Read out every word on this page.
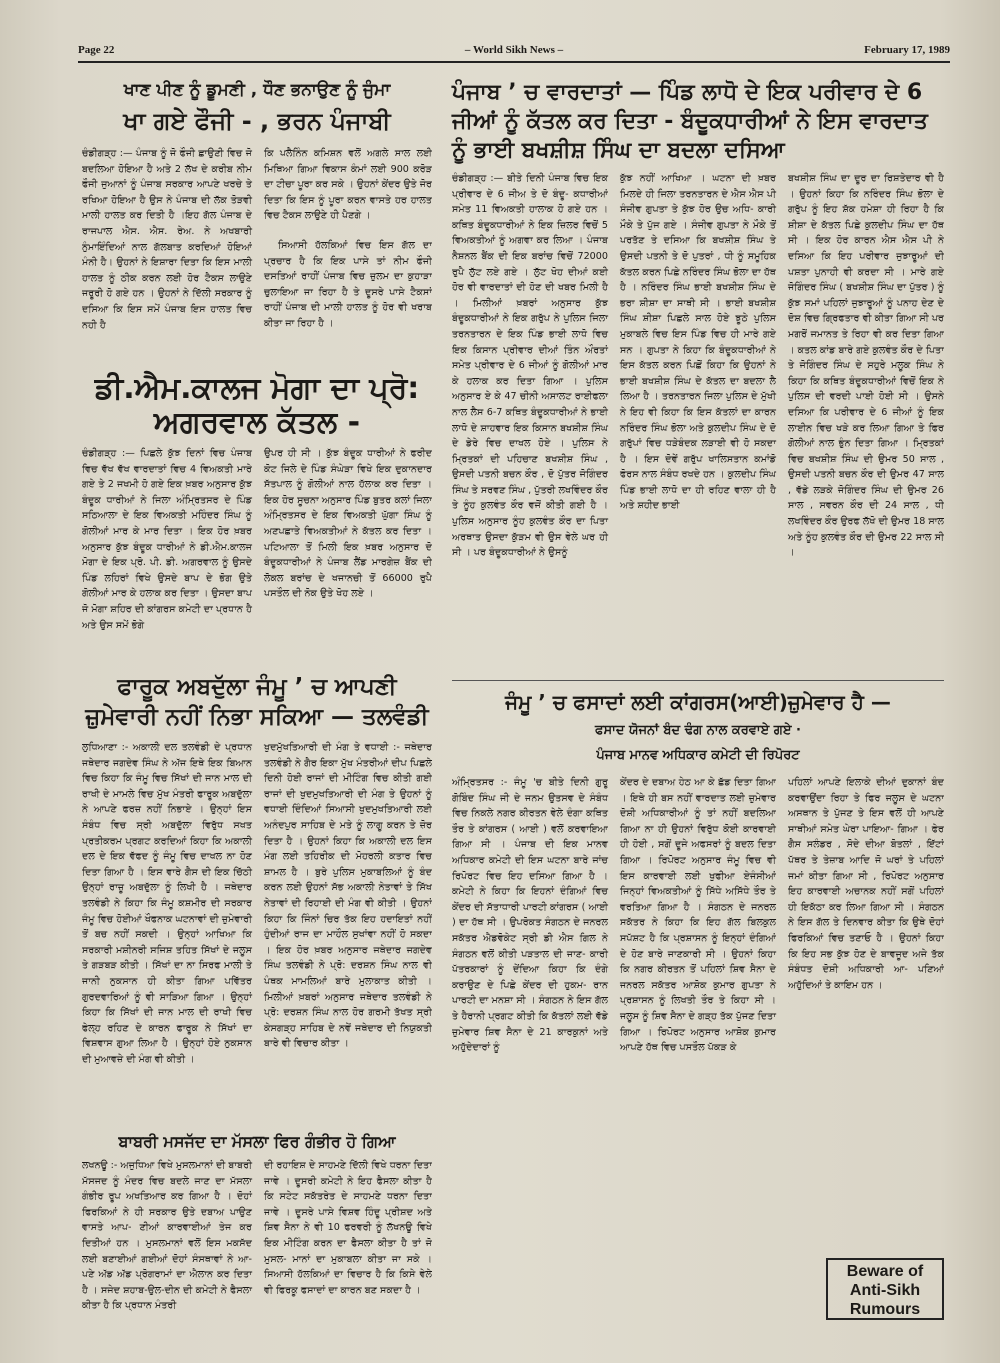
Page 22	– World Sikh News –	February 17, 1989
ਖਾਣ ਪੀਣ ਨੂੰ ਡੂਮਣੀ , ਧੌਣ ਭਨਾਉਣ ਨੂੰ ਜੁੰਮਾ
ਖਾ ਗਏ ਫੌਜੀ - , ਭਰਨ ਪੰਜਾਬੀ
ਚੰਡੀਗੜ੍ਹ :— ਪੰਜਾਬ ਨੂੰ ਜੋ ਫੌਜੀ ਛਾਉਣੀ ਵਿਚ ਜੋ ਬਦਲਿਆ ਹੋਇਆ ਹੈ ਅਤੇ 2 ਲੱਖ ਦੇ ਕਰੀਬ ਨੀਮ ਫੌਜੀ ਜੁਆਨਾਂ ਨੂੰ ਪੰਜਾਬ ਸਰਕਾਰ ਆਪਣੇ ਖਰਚੇ ਤੇ ਰਖਿਆ ਹੋਇਆ ਹੈ ਉਸ ਨੇ ਪੰਜਾਬ ਦੀ ਲੱਕ ਤੋੜਵੀ ਮਾਲੀ ਹਾਲਤ ਕਰ ਦਿਤੀ ਹੈ ।ਇਹ ਗੱਲ ਪੰਜਾਬ ਦੇ ਰਾਜਪਾਲ ਐਸ. ਐਸ. ਰੇਅ. ਨੇ ਅਖਬਾਰੀ ਨੁੰਮਾਇੰਦਿਆਂ ਨਾਲ ਗੱਲਬਾਤ ਕਰਦਿਆਂ ਹੋਇਆਂ ਮੰਨੀ ਹੈ। ਉਹਨਾਂ ਨੇ ਇਸ਼ਾਰਾ ਦਿਤਾ ਕਿ ਇਸ ਮਾਲੀ ਹਾਲਤ ਨੂੰ ਠੀਕ ਕਰਨ ਲਈ ਹੋਰ ਟੈਕਸ ਲਾਉਣੇ ਜਰੂਰੀ ਹੋ ਗਏ ਹਨ । ਉਹਨਾਂ ਨੇ ਦਿੱਲੀ ਸਰਕਾਰ ਨੂੰ ਦਸਿਆ ਕਿ ਇਸ ਸਮੇਂ ਪੰਜਾਬ ਇਸ ਹਾਲਤ ਵਿਚ ਨਹੀ ਹੈ
ਕਿ ਪਲੈਨਿੰਨ ਕਮਿਸ਼ਨ ਵਲੋਂ ਅਗਲੇ ਸਾਲ ਲਈ ਮਿਥਿਆ ਗਿਆ ਵਿਕਾਸ ਕੰਮਾਂ ਲਈ 900 ਕਰੋੜ ਦਾ ਟੀਚਾ ਪੂਰਾ ਕਰ ਸਕੇ । ਉਹਨਾਂ ਕੇਂਦਰ ਉਤੇ ਜੋਰ ਦਿਤਾ ਕਿ ਇਸ ਨੂੰ ਪੂਰਾ ਕਰਨ ਵਾਸਤੇ ਹਰ ਹਾਲਤ ਵਿਚ ਟੈਕਸ ਲਾਉਣੇ ਹੀ ਪੈਣਗੇ ।
ਸਿਆਸੀ ਹੱਲਕਿਆਂ ਵਿਚ ਇਸ ਗੱਲ ਦਾ ਪ੍ਰਚਾਰ ਹੈ ਕਿ ਇਕ ਪਾਸੇ ਤਾਂ ਨੀਮ ਫੌਜੀ ਦਸਤਿਆਂ ਰਾਹੀਂ ਪੰਜਾਬ ਵਿਚ ਜ਼ੁਲਮ ਦਾ ਕੁਹਾੜਾ ਚੁਲਾਇਆ ਜਾ ਰਿਹਾ ਹੈ ਤੇ ਦੂਸਰੇ ਪਾਸੇ ਟੈਕਸਾਂ ਰਾਹੀਂ ਪੰਜਾਬ ਦੀ ਮਾਲੀ ਹਾਲਤ ਨੂੰ ਹੋਰ ਵੀ ਖਰਾਬ ਕੀਤਾ ਜਾ ਰਿਹਾ ਹੈ ।
ਪੰਜਾਬ ’ ਚ ਵਾਰਦਾਤਾਂ — ਪਿੰਡ ਲਾਧੋ ਦੇ ਇਕ ਪਰੀਵਾਰ ਦੇ 6 ਜੀਆਂ ਨੂੰ ਕੱਤਲ ਕਰ ਦਿਤਾ - ਬੰਦੂਕਧਾਰੀਆਂ ਨੇ ਇਸ ਵਾਰਦਾਤ ਨੂੰ ਭਾਈ ਬਖਸ਼ੀਸ਼ ਸਿੰਘ ਦਾ ਬਦਲਾ ਦਸਿਆ
ਚੰਡੀਗੜ੍ਹ :— ਬੀਤੇ ਦਿਨੀ ਪੰਜਾਬ ਵਿਚ ਇਕ ਪ੍ਰੀਵਾਰ ਦੇ 6 ਜੀਅ ਤੇ ਦੋ ਬੰਦੂ- ਕਧਾਰੀਆਂ ਸਮੇਤ 11 ਵਿਅਕਤੀ ਹਾਲਾਕ ਹੋ ਗਏ ਹਨ । ਕਥਿਤ ਬੰਦੂਕਧਾਰੀਆਂ ਨੇ ਇਕ ਜ਼ਿਲਰ ਵਿਚੋਂ 5 ਵਿਅਕਤੀਆਂ ਨੂੰ ਅਗਵਾ ਕਰ ਲਿਆ । ਪੰਜਾਬ ਨੈਸ਼ਨਲ ਬੈਂਕ ਦੀ ਇਕ ਬਰਾਂਚ ਵਿਚੋਂ 72000 ਰੁਪੈ ਲੁੱਟ ਲਏ ਗਏ । ਲੁੱਟ ਖੋਹ ਦੀਆਂ ਕਈ ਹੋਰ ਵੀ ਵਾਰਦਾਤਾਂ ਦੀ ਹੋਣ ਦੀ ਖਬਰ ਮਿਲੀ ਹੈ । ਮਿਲੀਆਂ ਖ਼ਬਰਾਂ ਅਨੁਸਾਰ ਕੁੱਝ ਬੰਦੂਕਧਾਰੀਆਂ ਨੇ ਇਕ ਗਰੁੱਪ ਨੇ ਪੁਲਿਸ ਜਿਲਾ ਤਰਨਤਾਰਨ ਦੇ ਇਕ ਪਿੰਡ ਭਾਈ ਲਾਧੋ ਵਿਚ ਇਕ ਕਿਸਾਨ ਪ੍ਰੀਵਾਰ ਦੀਆਂ ਤਿੰਨ ਔਰਤਾਂ ਸਮੇਤ ਪ੍ਰੀਵਾਰ ਦੇ 6 ਜੀਆਂ ਨੂੰ ਗੋਲੀਆਂ ਮਾਰ ਕੇ ਹਲਾਕ ਕਰ ਦਿਤਾ ਗਿਆ । ਪੁਲਿਸ ਅਨੁਸਾਰ ਏ ਕੇ 47 ਚੀਨੀ ਅਸਾਲਟ ਰਾਈਫਲਾ ਨਾਲ ਲੈਸ 6-7 ਕਥਿਤ ਬੰਦੂਕਧਾਰੀਆਂ ਨੇ ਭਾਈ ਲਾਧੋ ਦੇ ਸ਼ਾਹਵਾਰ ਇਕ ਕਿਸਾਨ ਬਖਸ਼ੀਸ਼ ਸਿੰਘ ਦੇ ਡੇਰੇ ਵਿਚ ਦਾਖਲ ਹੋਏ । ਪੁਲਿਸ ਨੇ ਮ੍ਰਿਤਕਾਂ ਦੀ ਪਹਿਚਾਣ ਬਖਸ਼ੀਸ਼ ਸਿੰਘ , ਉਸਦੀ ਪਤਨੀ ਬਚਨ ਕੌਰ , ਦੋ ਪੁੱਤਰ ਜੋਗਿੰਦਰ ਸਿੰਘ ਤੇ ਸਰਵਣ ਸਿੰਘ , ਪੁੱਤਰੀ ਲਖਵਿੰਦਰ ਕੌਰ ਤੇ ਨੂੰਹ ਕੁਲਵੰਤ ਕੌਰ ਵਜੋਂ ਕੀਤੀ ਗਈ ਹੈ । ਪੁਲਿਸ ਅਨੁਸਾਰ ਨੂੰਹ ਕੁਲਵੰਤ ਕੌਰ ਦਾ ਪਿਤਾ ਅਰਥਾਤ ਉਸਦਾ ਕੁੱੜਮ ਵੀ ਉਸ ਵੇਲੇ ਘਰ ਹੀ ਸੀ । ਪਰ ਬੰਦੂਕਧਾਰੀਆਂ ਨੇ ਉਸਨੂੰ
ਕੁੱਝ ਨਹੀਂ ਆਖਿਆ । ਘਟਨਾ ਦੀ ਖ਼ਬਰ ਮਿਲਦੇ ਹੀ ਜਿਲਾ ਤਰਨਤਾਰਨ ਦੇ ਐਸ ਐਸ ਪੀ ਸੰਜੀਵ ਗੁਪਤਾ ਤੇ ਕੁੱਝ ਹੋਰ ਉਚ ਅਧਿ- ਕਾਰੀ ਮੌਕੇ ਤੇ ਪੁੱਜ ਗਏ । ਸੰਜੀਵ ਗੁਪਤਾ ਨੇ ਮੌਕੇ ਤੋਂ ਪਰਤੱਣ ਤੇ ਦਸਿਆ ਕਿ ਬਖਸ਼ੀਸ਼ ਸਿੰਘ ਤੇ ਉਸਦੀ ਪਤਨੀ ਤੇ ਦੋ ਪੁਤਰਾਂ , ਧੀ ਨੂੰ ਸਮੂਹਿਕ ਕੱਤਲ ਕਰਨ ਪਿਛੇ ਨਰਿੰਦਰ ਸਿੰਘ ਭੋਲਾ ਦਾ ਹੱਥ ਹੈ । ਨਰਿੰਦਰ ਸਿੰਘ ਭਾਈ ਬਖਸ਼ੀਸ਼ ਸਿੰਘ ਦੇ ਭਰਾ ਸ਼ੀਸ਼ਾ ਦਾ ਸਾਥੀ ਸੀ । ਭਾਈ ਬਖਸ਼ੀਸ਼ ਸਿੰਘ ਸ਼ੀਸ਼ਾ ਪਿਛਲੇ ਸਾਲ ਹੋਏ ਝੂਠੇ ਪੁਲਿਸ ਮੁਕਾਬਲੇ ਵਿਚ ਇਸ ਪਿੰਡ ਵਿਚ ਹੀ ਮਾਰੇ ਗਏ ਸਨ । ਗੁਪਤਾ ਨੇ ਕਿਹਾ ਕਿ ਬੰਦੂਕਧਾਰੀਆਂ ਨੇ ਇਸ ਕੱਤਲ ਕਰਨ ਪਿਛੋਂ ਕਿਹਾ ਕਿ ਉਹਨਾਂ ਨੇ ਭਾਈ ਬਖਸ਼ੀਸ਼ ਸਿੰਘ ਦੇ ਕੱਤਲ ਦਾ ਬਦਲਾ ਲੈ ਲਿਆ ਹੈ । ਤਰਨਤਾਰਨ ਜਿਲਾ ਪੁਲਿਸ ਦੇ ਮੁੱਖੀ ਨੇ ਇਹ ਵੀ ਕਿਹਾ ਕਿ ਇਸ ਕੱਤਲਾਂ ਦਾ ਕਾਰਨ ਨਰਿੰਦਰ ਸਿੰਘ ਭੋਲਾ ਅਤੇ ਕੁਲਦੀਪ ਸਿੰਘ ਦੇ ਦੋ ਗਰੁੱਪਾਂ ਵਿਚ ਧੜੇਬੰਦਕ ਲੜਾਈ ਵੀ ਹੋ ਸਕਦਾ ਹੈ । ਇਸ ਦੋਵੇਂ ਗਰੁੱਪ ਖਾਲਿਸਤਾਨ ਕਮਾਂਡੋ ਫੋਰਸ ਨਾਲ ਸੰਬੰਧ ਰਖਦੇ ਹਨ । ਕੁਲਦੀਪ ਸਿੰਘ ਪਿੰਡ ਭਾਈ ਲਾਧੋ ਦਾ ਹੀ ਰਹਿਣ ਵਾਲਾ ਹੀ ਹੈ ਅਤੇ ਸ਼ਹੀਦ ਭਾਈ
ਬਖਸ਼ੀਸ਼ ਸਿੰਘ ਦਾ ਦੂਰ ਦਾ ਰਿਸ਼ਤੇਦਾਰ ਵੀ ਹੈ । ਉਹਨਾਂ ਕਿਹਾ ਕਿ ਨਰਿੰਦਰ ਸਿੰਘ ਭੋਲਾ ਦੇ ਗਰੁੱਪ ਨੂੰ ਇਹ ਸ਼ੱਕ ਹਮੇਸ਼ਾ ਹੀ ਰਿਹਾ ਹੈ ਕਿ ਸ਼ੀਸ਼ਾ ਦੇ ਕੱਤਲ ਪਿਛੇ ਕੁਲਦੀਪ ਸਿੰਘ ਦਾ ਹੱਥ ਸੀ । ਇਕ ਹੋਰ ਕਾਰਨ ਐਸ ਐਸ ਪੀ ਨੇ ਦਸਿਆ ਕਿ ਇਹ ਪਰੀਵਾਰ ਜੁਝਾਰੂਆਂ ਦੀ ਪਸ਼ਤਾ ਪੁਨਾਹੀ ਵੀ ਕਰਦਾ ਸੀ । ਮਾਰੇ ਗਏ ਜੋਗਿੰਦਰ ਸਿੰਘ ( ਬਖਸ਼ੀਸ਼ ਸਿੰਘ ਦਾ ਪੁੱਤਰ ) ਨੂੰ ਕੁੱਝ ਸਮਾਂ ਪਹਿਲਾਂ ਜੁਝਾਰੂਆਂ ਨੂੰ ਪਨਾਹ ਦੇਣ ਦੇ ਦੋਸ਼ ਵਿਚ ਗ੍ਰਿਫਤਾਰ ਵੀ ਕੀਤਾ ਗਿਆ ਸੀ ਪਰ ਮਗਰੋਂ ਜਮਾਨਤ ਤੇ ਰਿਹਾ ਵੀ ਕਰ ਦਿਤਾ ਗਿਆ । ਕਤਲ ਕਾਂਡ ਬਾਰੇ ਗਏ ਕੁਲਵੰਤ ਕੌਰ ਦੇ ਪਿਤਾ ਤੇ ਜੋਗਿੰਦਰ ਸਿੰਘ ਦੇ ਸਹੁਰੇ ਮਲੂਕ ਸਿੰਘ ਨੇ ਕਿਹਾ ਕਿ ਕਥਿਤ ਬੰਦੂਕਧਾਰੀਆਂ ਵਿਚੋਂ ਇਕ ਨੇ ਪੁਲਿਸ ਦੀ ਵਰਦੀ ਪਾਈ ਹੋਈ ਸੀ । ਉਸਨੇ ਦਸਿਆ ਕਿ ਪਰੀਵਾਰ ਦੇ 6 ਜੀਆਂ ਨੂੰ ਇਕ ਲਾਈਨ ਵਿਚ ਖੜੇ ਕਰ ਲਿਆ ਗਿਆ ਤੇ ਫਿਰ ਗੋਲੀਆਂ ਨਾਲ ਭੁੰਨ ਦਿਤਾ ਗਿਆ । ਮ੍ਰਿਤਕਾਂ ਵਿਚ ਬਖਸ਼ੀਸ਼ ਸਿੰਘ ਦੀ ਉਮਰ 50 ਸਾਲ , ਉਸਦੀ ਪਤਨੀ ਬਚਨ ਕੌਰ ਦੀ ਉਮਰ 47 ਸਾਲ , ਵੱਡੇ ਲੜਕੇ ਜੋਗਿੰਦਰ ਸਿੰਘ ਦੀ ਉਮਰ 26 ਸਾਲ , ਸਵਰਨ ਕੌਰ ਦੀ 24 ਸਾਲ , ਧੀ ਲਖਵਿੰਦਰ ਕੌਰ ਉਰਫ ਲੱਖੋ ਦੀ ਉਮਰ 18 ਸਾਲ ਅਤੇ ਨੂੰਹ ਕੁਲਵੰਤ ਕੌਰ ਦੀ ਉਮਰ 22 ਸਾਲ ਸੀ ।
ਡੀ.ਐਮ.ਕਾਲਜ ਮੋਗਾ ਦਾ ਪ੍ਰੋ:
ਅਗਰਵਾਲ ਕੱਤਲ -
ਚੰਡੀਗੜ੍ਹ :— ਪਿਛਲੇ ਕੁੱਝ ਦਿਨਾਂ ਵਿਚ ਪੰਜਾਬ ਵਿਚ ਵੱਖ ਵੱਖ ਵਾਰਦਾਤਾਂ ਵਿਚ 4 ਵਿਅਕਤੀ ਮਾਰੇ ਗਏ ਤੇ 2 ਜਖਮੀ ਹੋ ਗਏ ਇਕ ਖ਼ਬਰ ਅਨੁਸਾਰ ਕੁੱਝ ਬੰਦੂਕ ਧਾਰੀਆਂ ਨੇ ਜਿਲਾ ਅੰਮ੍ਰਿਤਸਰ ਦੇ ਪਿੰਡ ਸਠਿਆਲਾ ਦੇ ਇਕ ਵਿਅਕਤੀ ਮਹਿੰਦਰ ਸਿੰਘ ਨੂੰ ਗੋਲੀਆਂ ਮਾਰ ਕੇ ਮਾਰ ਦਿਤਾ । ਇਕ ਹੋਰ ਖ਼ਬਰ ਅਨੁਸਾਰ ਕੁੱਝ ਬੰਦੂਕ ਧਾਰੀਆਂ ਨੇ ਡੀ.ਐਮ.ਕਾਲਜ ਮੋਗਾ ਦੇ ਇਕ ਪ੍ਰੋ. ਪੀ. ਡੀ. ਅਗਰਵਾਲ ਨੂੰ ਉਸਦੇ ਪਿੰਡ ਲਹਿਰਾਂ ਵਿਖੇ ਉਸਦੇ ਬਾਪ ਦੇ ਭੋਗ ਉਤੇ ਗੋਲੀਆਂ ਮਾਰ ਕੇ ਹਲਾਕ ਕਰ ਦਿਤਾ । ਉਸਦਾ ਬਾਪ ਜੋ ਮੋਗਾ ਸ਼ਹਿਰ ਦੀ ਕਾਂਗਰਸ ਕਮੇਟੀ ਦਾ ਪ੍ਰਧਾਨ ਹੈ ਅਤੇ ਉਸ ਸਮੇਂ ਭੋਗੇ
ਉਪਰ ਹੀ ਸੀ । ਕੁੱਝ ਬੰਦੂਕ ਧਾਰੀਆਂ ਨੇ ਫਰੀਦ ਕੋਟ ਜਿਲੇ ਦੇ ਪਿੰਡ ਸੰਘੇੜਾ ਵਿਖੇ ਇਕ ਦੁਕਾਨਦਾਰ ਸੱਤਪਾਲ ਨੂੰ ਗੋਲੀਆਂ ਨਾਲ ਹੱਲਾਕ ਕਰ ਦਿਤਾ । ਇਕ ਹੋਰ ਸੂਚਨਾ ਅਨੁਸਾਰ ਪਿੰਡ ਬੁਤਰ ਕਲਾਂ ਜਿਲਾ ਅੰਮ੍ਰਿਤਸਰ ਦੇ ਇਕ ਵਿਅਕਤੀ ਘੁੱਗਾ ਸਿੰਘ ਨੂੰ ਅਣਪਛਾਤੇ ਵਿਅਕਤੀਆਂ ਨੇ ਕੱਤਲ ਕਰ ਦਿਤਾ । ਪਟਿਆਲਾ ਤੋਂ ਮਿਲੀ ਇਕ ਖ਼ਬਰ ਅਨੁਸਾਰ ਦੋ ਬੰਦੂਕਧਾਰੀਆਂ ਨੇ ਪੰਜਾਬ ਲੈਂਡ ਮਾਰਗੇਜ਼ ਬੈਂਕ ਦੀ ਲੋਕਲ ਬਰਾਂਚ ਦੇ ਖਜਾਨਚੀ ਤੋਂ 66000 ਰੁਪੈ ਪਸਤੌਲ ਦੀ ਨੋਕ ਉਤੇ ਖੋਹ ਲਏ ।
ਫਾਰੂਕ ਅਬਦੁੱਲਾ ਜੰਮੂ ’ ਚ ਆਪਣੀ
ਜ਼ੁਮੇਵਾਰੀ ਨਹੀਂ ਨਿਭਾ ਸਕਿਆ — ਤਲਵੰਡੀ
ਲੁਧਿਆਣਾ :- ਅਕਾਲੀ ਦਲ ਤਲਵੰਡੀ ਦੇ ਪ੍ਰਧਾਨ ਜਥੇਦਾਰ ਜਗਦੇਵ ਸਿੰਘ ਨੇ ਅੱਜ ਇਥੇ ਇਕ ਬਿਆਨ ਵਿਚ ਕਿਹਾ ਕਿ ਜੰਮੂ ਵਿਚ ਸਿੱਖਾਂ ਦੀ ਜਾਨ ਮਾਲ ਦੀ ਰਾਖੀ ਦੇ ਮਾਮਲੇ ਵਿਚ ਮੁੱਖ ਮੰਤਰੀ ਫਾਰੂਕ ਅਬਦੁੱਲਾ ਨੇ ਆਪਣੇ ਫਰਜ਼ ਨਹੀਂ ਨਿਭਾਏ । ਉਨ੍ਹਾਂ ਇਸ ਸੰਬੰਧ ਵਿਚ ਸ੍ਰੀ ਅਬਦੁੱਲਾ ਵਿਰੁੱਧ ਸਖਤ ਪ੍ਰਤੀਕਰਮ ਪ੍ਰਗਟ ਕਰਦਿਆਂ ਕਿਹਾ ਕਿ ਅਕਾਲੀ ਦਲ ਦੇ ਇਕ ਵੱਫਦ ਨੂੰ ਜੰਮੂ ਵਿਚ ਦਾਖਲ ਨਾ ਹੋਣ ਦਿਤਾ ਗਿਆ ਹੈ । ਇਸ ਵਾਰੇ ਗੈਸ ਦੀ ਇਕ ਚਿੱਠੀ ਉਨ੍ਹਾਂ ਰਾਜ਼ੂ ਅਬਦੁੱਲਾ ਨੂੰ ਲਿਖੀ ਹੈ । ਜਥੇਦਾਰ ਤਲਵੰਡੀ ਨੇ ਕਿਹਾ ਕਿ ਜੰਮੂ ਕਸ਼ਮੀਰ ਦੀ ਸਰਕਾਰ ਜੰਮੂ ਵਿਚ ਹੋਈਆਂ ਖੌਫਨਾਕ ਘਟਨਾਵਾਂ ਦੀ ਜ਼ੁਮੇਵਾਰੀ ਤੋਂ ਬਚ ਨਹੀਂ ਸਕਦੀ । ਉਨ੍ਹਾਂ ਆਖਿਆ ਕਿ ਸਰਕਾਰੀ ਮਸ਼ੀਨਰੀ ਸਜਿਸ਼ ਤਹਿਤ ਸਿੱਖਾਂ ਦੇ ਜਲੂਸ ਤੇ ਗੜਬੜ ਕੀਤੀ । ਸਿੱਖਾਂ ਦਾ ਨਾ ਸਿਰਫ ਮਾਲੀ ਤੇ ਜਾਨੀ ਨੁਕਸਾਨ ਹੀ ਕੀਤਾ ਗਿਆ ਪਵਿੱਤਰ ਗੁਰਦਵਾਰਿਆਂ ਨੂੰ ਵੀ ਸਾੜਿਆ ਗਿਆ । ਉਨ੍ਹਾਂ ਕਿਹਾ ਕਿ ਸਿੱਖਾਂ ਦੀ ਜਾਨ ਮਾਲ ਦੀ ਰਾਖੀ ਵਿਚ ਫੇਲ੍ਹ ਰਹਿਣ ਦੇ ਕਾਰਨ ਫਾਰੂਕ ਨੇ ਸਿੱਖਾਂ ਦਾ ਵਿਸ਼ਵਾਸ ਗੁਆ ਲਿਆ ਹੈ । ਉਨ੍ਹਾਂ ਹੋਏ ਨੁਕਸਾਨ ਦੀ ਮੁਆਵਜ਼ੇ ਦੀ ਮੰਗ ਵੀ ਕੀਤੀ ।
ਖੁਦਮੁੱਖਤਿਆਰੀ ਦੀ ਮੰਗ ਤੇ ਵਧਾਈ :- ਜਥੇਦਾਰ ਤਲਵੰਡੀ ਨੇ ਗੈਰ ਇਕਾ ਮੁੱਖ ਮੰਤਰੀਆਂ ਦੀਪ ਪਿਛਲੇ ਦਿਨੀ ਹੋਈ ਰਾਜਾਂ ਦੀ ਮੀਟਿੰਗ ਵਿਚ ਕੀਤੀ ਗਈ ਰਾਜਾਂ ਦੀ ਖੁਦਮੁਖਤਿਆਰੀ ਦੀ ਮੰਗ ਤੇ ਉਹਨਾਂ ਨੂੰ ਵਧਾਈ ਦਿੰਦਿਆਂ ਸਿਆਸੀ ਖੁਦਮੁਖਤਿਆਰੀ ਲਈ ਅਨੰਦਪੁਰ ਸਾਹਿਬ ਦੇ ਮਤੇ ਨੂੰ ਲਾਗੂ ਕਰਨ ਤੇ ਜ਼ੋਰ ਦਿਤਾ ਹੈ । ਉਹਨਾਂ ਕਿਹਾ ਕਿ ਅਕਾਲੀ ਦਲ ਇਸ ਮੰਗ ਲਈ ਤਹਿਰੀਕ ਦੀ ਮੋਹਰਲੀ ਕਤਾਰ ਵਿਚ ਸ਼ਾਮਲ ਹੈ । ਬੁਰੇ ਪੁਲਿਸ ਮੁਕਾਬਲਿਆਂ ਨੂੰ ਬੰਦ ਕਰਨ ਲਈ ਉਹਨਾਂ ਸੱਭ ਅਕਾਲੀ ਨੇਤਾਵਾਂ ਤੇ ਸਿੱਖ ਨੇਤਾਵਾਂ ਦੀ ਰਿਹਾਈ ਦੀ ਮੰਗ ਵੀ ਕੀਤੀ । ਉਹਨਾਂ ਕਿਹਾ ਕਿ ਜਿੰਨਾਂ ਚਿਰ ਤੱਕ ਇਹ ਹਦਾਇਤਾਂ ਨਹੀਂ ਹੁੰਦੀਆਂ ਰਾਜ ਦਾ ਮਾਹੌਲ ਸੁਖਾਂਵਾ ਨਹੀਂ ਹੋ ਸਕਦਾ । ਇਕ ਹੋਰ ਖ਼ਬਰ ਅਨੁਸਾਰ ਜਥੇਦਾਰ ਜਗਦੇਵ ਸਿੰਘ ਤਲਵੰਡੀ ਨੇ ਪ੍ਰੋ: ਦਰਸ਼ਨ ਸਿੰਘ ਨਾਲ ਵੀ ਪੰਥਕ ਮਾਮਲਿਆਂ ਬਾਰੇ ਮੁਲਾਕਾਤ ਕੀਤੀ । ਮਿਲੀਆਂ ਖ਼ਬਰਾਂ ਅਨੁਸਾਰ ਜਥੇਦਾਰ ਤਲਵੰਡੀ ਨੇ ਪ੍ਰੋ: ਦਰਸ਼ਨ ਸਿੰਘ ਨਾਲ ਹੋਰ ਗਰਮੀ ਤੱਖਤ ਸ੍ਰੀ ਕੇਸਗੜ੍ਹ ਸਾਹਿਬ ਦੇ ਨਵੇਂ ਜਥੇਦਾਰ ਦੀ ਨਿਯੁਕਤੀ ਬਾਰੇ ਵੀ ਵਿਚਾਰ ਕੀਤਾ ।
ਬਾਬਰੀ ਮਸਜੱਦ ਦਾ ਮੱਸਲਾ ਫਿਰ ਗੰਭੀਰ ਹੋ ਗਿਆ
ਲਖਨਊ :- ਅਜੁਧਿਆ ਵਿਖੇ ਮੁਸਲਮਾਨਾਂ ਦੀ ਬਾਬਰੀ ਮੱਸਜਦ ਨੂੰ ਮੰਦਰ ਵਿਚ ਬਦਲੇ ਜਾਣ ਦਾ ਮੱਸਲਾ ਗੰਭੀਰ ਰੂਪ ਅਖਤਿਆਰ ਕਰ ਗਿਆ ਹੈ । ਦੋਹਾਂ ਫਿਰਕਿਆਂ ਨੇ ਹੀ ਸਰਕਾਰ ਉਤੇ ਦਬਾਅ ਪਾਉਣ ਵਾਸਤੇ ਆਪ- ਣੀਆਂ ਕਾਰਵਾਈਆਂ ਤੇਜ ਕਰ ਦਿਤੀਆਂ ਹਨ । ਮੁਸਲਮਾਨਾਂ ਵਲੋਂ ਇਸ ਮਕਸੱਦ ਲਈ ਬਣਾਈਆਂ ਗਈਆਂ ਦੋਹਾਂ ਸੰਸਥਾਵਾਂ ਨੇ ਆ- ਪਣੇ ਅੱਡ ਅੱਡ ਪ੍ਰੋਗਰਾਮਾਂ ਦਾ ਐਲਾਨ ਕਰ ਦਿਤਾ ਹੈ । ਸਜੇਦ ਸ਼ਹਾਬ-ਉਲ-ਦੀਨ ਦੀ ਕਮੇਟੀ ਨੇ ਫੈਸਲਾ ਕੀਤਾ ਹੈ ਕਿ ਪ੍ਰਧਾਨ ਮੰਤਰੀ
ਦੀ ਰਹਾਇਸ਼ ਦੇ ਸਾਹਮਣੇ ਦਿੱਲੀ ਵਿਖੇ ਧਰਨਾ ਦਿਤਾ ਜਾਵੇ । ਦੂਸਰੀ ਕਮੇਟੀ ਨੇ ਇਹ ਫੈਸਲਾ ਕੀਤਾ ਹੈ ਕਿ ਸਟੇਟ ਸਕੱਤਰੇਤ ਦੇ ਸਾਹਮਣੇ ਧਰਨਾ ਦਿਤਾ ਜਾਵੇ । ਦੂਸਰੇ ਪਾਸੇ ਵਿਸ਼ਵ ਹਿੰਦੂ ਪ੍ਰੀਸ਼ਦ ਅਤੇ ਸ਼ਿਵ ਸੈਨਾ ਨੇ ਵੀ 10 ਫਰਵਰੀ ਨੂੰ ਲੱਖਨਊ ਵਿਖੇ ਇਕ ਮੀਟਿੰਗ ਕਰਨ ਦਾ ਫੈਸਲਾ ਕੀਤਾ ਹੈ ਤਾਂ ਜੋ ਮੁਸਲ- ਮਾਨਾਂ ਦਾ ਮੁਕਾਬਲਾ ਕੀਤਾ ਜਾ ਸਕੇ । ਸਿਆਸੀ ਹੱਲਕਿਆਂ ਦਾ ਵਿਚਾਰ ਹੈ ਕਿ ਕਿਸੇ ਵੇਲੇ ਵੀ ਫਿਰਕੂ ਫਸਾਦਾਂ ਦਾ ਕਾਰਨ ਬਣ ਸਕਦਾ ਹੈ ।
ਜੰਮੂ ’ ਚ ਫਸਾਦਾਂ ਲਈ ਕਾਂਗਰਸ(ਆਈ)ਜ਼ੁਮੇਵਾਰ ਹੈ —
ਫਸਾਦ ਯੋਜਨਾਂ ਬੰਦ ਢੰਗ ਨਾਲ ਕਰਵਾਏ ਗਏ ·
ਪੰਜਾਬ ਮਾਨਵ ਅਧਿਕਾਰ ਕਮੇਟੀ ਦੀ ਰਿਪੋਰਟ
ਅੰਮ੍ਰਿਤਸਰ :- ਜੰਮੂ 'ਚ ਬੀਤੇ ਦਿਨੀ ਗੁਰੂ ਗੋਬਿੰਦ ਸਿੰਘ ਜੀ ਦੇ ਜਨਮ ਉਤਸਵ ਦੇ ਸੰਬੰਧ ਵਿਚ ਨਿਕਲੇ ਨਗਰ ਕੀਰਤਨ ਵੇਲੇ ਦੰਗਾ ਕਥਿਤ ਤੌਰ ਤੇ ਕਾਂਗਰਸ ( ਆਈ ) ਵਲੋਂ ਕਰਵਾਇਆ ਗਿਆ ਸੀ । ਪੰਜਾਬ ਦੀ ਇਕ ਮਾਨਵ ਅਧਿਕਾਰ ਕਮੇਟੀ ਦੀ ਇਸ ਘਟਨਾ ਬਾਰੇ ਜਾਂਚ ਰਿਪੋਰਟ ਵਿਚ ਇਹ ਦਸਿਆ ਗਿਆ ਹੈ । ਕਮੇਟੀ ਨੇ ਕਿਹਾ ਕਿ ਇਹਨਾਂ ਦੰਗਿਆਂ ਵਿਚ ਕੇਂਦਰ ਦੀ ਸੱਤਾਧਾਰੀ ਪਾਰਟੀ ਕਾਂਗਰਸ ( ਆਈ ) ਦਾ ਹੱਥ ਸੀ । ਉਪਰੋਕਤ ਸੰਗਠਨ ਦੇ ਜਨਰਲ ਸਕੱਤਰ ਐਡਵੋਕੇਟ ਸ੍ਰੀ ਡੀ ਐਸ ਗਿਲ ਨੇ ਸੰਗਠਨ ਵਲੋਂ ਕੀਤੀ ਪੜਤਾਲ ਦੀ ਜਾਣ- ਕਾਰੀ ਪੱਤਰਕਾਰਾਂ ਨੂੰ ਦੇਂਦਿਆ ਕਿਹਾ ਕਿ ਦੰਗੇ ਕਰਾਉਣ ਦੇ ਪਿਛੇ ਕੇਂਦਰ ਦੀ ਹੁਕਮ- ਰਾਨ ਪਾਰਟੀ ਦਾ ਮਨਸ਼ਾ ਸੀ । ਸੰਗਠਨ ਨੇ ਇਸ ਗੱਲ ਤੇ ਹੈਰਾਨੀ ਪ੍ਰਗਟ ਕੀਤੀ ਕਿ ਕੱਤਲਾਂ ਲਈ ਵੱਡੇ ਜ਼ੁਮੇਵਾਰ ਸ਼ਿਵ ਸੈਨਾ ਦੇ 21 ਕਾਰਕੁਨਾਂ ਅਤੇ ਅਹੁੱਦੇਦਾਰਾਂ ਨੂੰ
ਕੇਂਦਰ ਦੇ ਦਬਾਅ ਹੇਠ ਆ ਕੇ ਛੱਡ ਦਿਤਾ ਗਿਆ । ਇਥੇ ਹੀ ਬਸ ਨਹੀਂ ਵਾਰਦਾਤ ਲਈ ਜ਼ੁਮੇਵਾਰ ਦੋਸ਼ੀ ਅਧਿਕਾਰੀਆਂ ਨੂੰ ਤਾਂ ਨਹੀਂ ਬਦਲਿਆ ਗਿਆ ਨਾ ਹੀ ਉਹਨਾਂ ਵਿਰੁੱਧ ਕੋਈ ਕਾਰਵਾਈ ਹੀ ਹੋਈ , ਸਗੋਂ ਦੂਜੇ ਅਫਸਰਾਂ ਨੂੰ ਬਦਲ ਦਿਤਾ ਗਿਆ । ਰਿਪੋਰਟ ਅਨੁਸਾਰ ਜੰਮੂ ਵਿਚ ਵੀ ਇਸ ਕਾਰਵਾਈ ਲਈ ਖੁਫੀਆ ਏਜੰਸੀਆਂ ਜਿਨ੍ਹਾਂ ਵਿਅਕਤੀਆਂ ਨੂੰ ਸਿੱਧੇ ਅਸਿੱਧੇ ਤੌਰ ਤੇ ਵਰਤਿਆ ਗਿਆ ਹੈ । ਸੰਗਠਨ ਦੇ ਜਨਰਲ ਸਕੱਤਰ ਨੇ ਕਿਹਾ ਕਿ ਇਹ ਗੱਲ ਬਿਲਕੁਲ ਸਪੱਸ਼ਟ ਹੈ ਕਿ ਪ੍ਰਸ਼ਾਸਨ ਨੂੰ ਇਨ੍ਹਾਂ ਦੰਗਿਆਂ ਦੇ ਹੋਣ ਬਾਰੇ ਜਾਣਕਾਰੀ ਸੀ । ਉਹਨਾਂ ਕਿਹਾ ਕਿ ਨਗਰ ਕੀਰਤਨ ਤੋਂ ਪਹਿਲਾਂ ਸ਼ਿਵ ਸੈਨਾ ਦੇ ਜਨਰਲ ਸਕੱਤਰ ਆਸ਼ੋਕ ਕੁਮਾਰ ਗੁਪਤਾ ਨੇ ਪ੍ਰਸ਼ਾਸਨ ਨੂੰ ਲਿਖਤੀ ਤੌਰ ਤੇ ਕਿਹਾ ਸੀ । ਜਲੂਸ ਨੂੰ ਸ਼ਿਵ ਸੈਨਾ ਦੇ ਗੜ੍ਹ ਤੱਕ ਪੁੱਜਣ ਦਿਤਾ ਗਿਆ । ਰਿਪੋਰਟ ਅਨੁਸਾਰ ਆਸ਼ੋਕ ਕੁਮਾਰ ਆਪਣੇ ਹੱਥ ਵਿਚ ਪਸਤੌਲ ਪੱਕੜ ਕੇ
ਪਹਿਲਾਂ ਆਪਣੇ ਇਲਾਕੇ ਦੀਆਂ ਦੁਕਾਨਾਂ ਬੰਦ ਕਰਵਾਉਂਦਾ ਰਿਹਾ ਤੇ ਫਿਰ ਜਲੂਸ ਦੇ ਘਟਨਾ ਅਸਥਾਨ ਤੇ ਪੁੱਜਣ ਤੇ ਇਸ ਵਲੋਂ ਹੀ ਆਪਣੇ ਸਾਥੀਆਂ ਸਮੇਤ ਘੇਰਾ ਪਾਇਆ- ਗਿਆ । ਫੇਰ ਗੈਸ ਸਲੰਡਰ , ਸੋਦੇ ਦੀਆ ਬੋਤਲਾਂ , ਇੱਟਾਂ ਪੱਥਰ ਤੇ ਤੇਜ਼ਾਬ ਆਦਿ ਜੋ ਘਰਾਂ ਤੇ ਪਹਿਲਾਂ ਜਮਾਂ ਕੀਤਾ ਗਿਆ ਸੀ , ਰਿਪੋਰਟ ਅਨੁਸਾਰ ਇਹ ਕਾਰਵਾਈ ਅਚਾਨਕ ਨਹੀਂ ਸਗੋਂ ਪਹਿਲਾਂ ਹੀ ਇਕੱਠਾ ਕਰ ਲਿਆ ਗਿਆ ਸੀ । ਸੰਗਠਨ ਨੇ ਇਸ ਗੱਲ ਤੇ ਦਿਨਵਾਰ ਕੀਤਾ ਕਿ ਉਥੇ ਦੋਹਾਂ ਫਿਰਕਿਆਂ ਵਿਚ ਤਣਾਓ ਹੈ । ਉਹਨਾਂ ਕਿਹਾ ਕਿ ਇਹ ਸਭ ਕੁੱਝ ਹੋਣ ਦੇ ਬਾਵਜੂਦ ਅਜੇ ਤੱਕ ਸੰਬੰਧਤ ਦੋਸ਼ੀ ਅਧਿਕਾਰੀ ਆ- ਪਣਿਆਂ ਅਹੁੱਦਿਆਂ ਤੇ ਕਾਇਮ ਹਨ ।
Beware of
Anti-Sikh
Rumours
